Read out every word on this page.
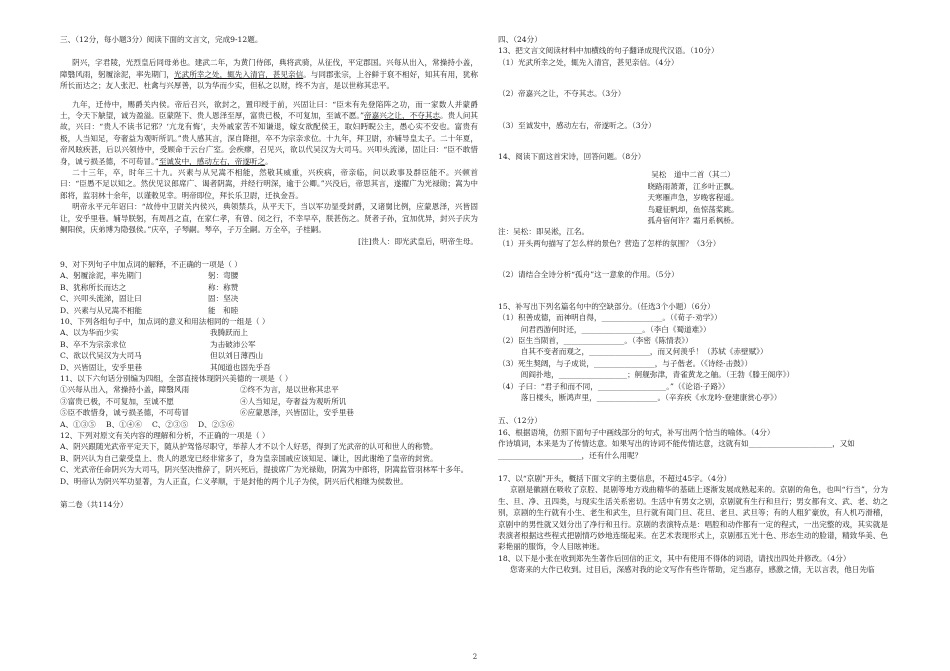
三、（12分，每小题3分）阅读下面的文言文，完成9-12题。

阴兴，字君陵，光烈皇后同母弟也。建武二年，为黄门侍郎，典将武骑，从征伐，平定郡国。兴每从出入，常操持小盖，障翳风雨，躬履涂泥，率先期门，光武所幸之处，辄先入清宫，甚见亲信。与同郡张宗，上谷鲜于裒不相好，知其有用，犹称所长而达之；友人张汜、杜禽与兴厚善，以为华而少实，但私之以财，终不为言，是以世称其忠平。

九年，迁侍中，赐爵关内侯。帝后召兴，欲封之，置印绶于前，兴固让曰：“臣未有先登陷阵之功，而一家数人并蒙爵土，令天下觖望，诚为盈溢。臣蒙陛下、贵人恩泽至厚，富贵已极，不可复加，至诚不愿。”帝嘉兴之让，不夺其志。贵人问其故，兴曰：“贵人不读书记邪？‘亢龙有悔’，夫外戚家苦不知谦退，嫁女欲配侯王，取妇眄睨公主，愚心实不安也。富贵有极，人当知足，夸奢益为观听所讥。”贵人感其言，深自降挹，卒不为宗亲求位。十九年，拜卫尉，亦辅导皇太子。二十年夏，帝风眩疾甚，后以兴领侍中，受顾命于云台广室。会疾瘳，召见兴，欲以代吴汉为大司马。兴叩头流涕，固让曰：“臣不敢惜身，诚亏损圣德，不可苟冒。”至诚发中，感动左右，帝遂听之。

二十三年，卒，时年三十九。兴素与从兄嵩不相能，然敬其威重，兴疾病，帝亲临，问以政事及群臣能不。兴顿首曰：“臣愚不足以知之。然伏见议郎席广、谒者阴嵩，并经行明深，逾于公卿。”兴没后，帝思其言，遂擢广为光禄勋；嵩为中郎将，监羽林十余年，以谨敕见幸。明帝即位，拜长乐卫尉，迁执金吾。

明帝永平元年诏曰：“故侍中卫尉关内侯兴，典领禁兵，从平天下，当以军功显受封爵，又诸舅比例，应蒙恩泽，兴皆固让，安乎里巷。辅导朕躬，有周昌之直，在家仁孝，有曾、闵之行，不幸早卒，朕甚伤之。贤者子孙，宜加优异，封兴子庆为鲖阳侯，庆弟博为隐强侯。”庆卒，子琴嗣。琴卒，子万全嗣。万全卒，子桂嗣。

[注]贵人：即光武皇后，明帝生母。

9、对下列句子中加点词的解释，不正确的一项是（ ）

A、躬履涂泥，率先期门	躬：弯腰
B、犹称所长而达之	称：称赞
C、兴叩头流涕，固让曰	固：坚决
D、兴素与从兄嵩不相能	能　和睦

10、下列各组句子中，加点词的意义和用法相同的一组是（ ）

A、以为华而少实	我腾跃而上
B、卒不为宗亲求位	为击破沛公军
C、欲以代吴汉为大司马	但以刘日薄西山
D、兴皆固让，安乎里巷	其闻道也固先乎吾

11、以下六句话分别编为四组，全部直接体现阴兴美德的一项是（ ）

①兴每从出入，常操持小盖，障翳风雨	②终不为言，是以世称其忠平
③富贵已极，不可复加，至诚不愿	④人当知足，夸奢益为观听所讥
⑤臣不敢惜身，诚亏损圣德，不可苟冒	⑥应蒙恩泽，兴皆固让，安乎里巷
A、①③⑤	B、①④⑥	C、②③⑤	D、②⑤⑥

12、下列对原文有关内容的理解和分析，不正确的一项是（ ）

A、阴兴跟随光武帝平定天下，随从护驾恪尽职守，举荐人才不以个人好恶，得到了光武帝的认可和世人的称赞。

B、阴兴认为自己蒙受皇上、贵人的恩宠已经非常多了，身为皇亲国戚应该知足、谦让，因此谢绝了皇帝的封赏。

C、光武帝任命阴兴为大司马，阴兴坚决推辞了，阴兴死后，提拔席广为光禄勋，阴嵩为中郎将，阴嵩监管羽林军十多年。

D、明帝认为阴兴军功显著，为人正直，仁义孝顺，于是封他的两个儿子为侯，阴兴后代相继为侯数世。

第二卷（共114分）

四、（24分）

13、把文言文阅读材料中加横线的句子翻译成现代汉语。（10分）

（1）光武所幸之处，辄先入清宫，甚见亲信。（4分）

（2）帝嘉兴之让，不夺其志。（3分）

（3）至诚发中，感动左右，帝遂听之。（3分）

14、阅读下面这首宋诗，回答问题。（8分）

吴松　道中二首（其二）

晓路雨萧萧，江乡叶正飘。

天寒雁声急，岁晚客程遥。

鸟避征帆却，鱼惊荡桨跳。

孤舟宿何许？霜月系枫桥。

注：吴松：即吴淞，江名。

（1）开头两句描写了怎么样的景色？营造了怎样的氛围？（3分）

（2）请结合全诗分析“孤舟”这一意象的作用。（5分）

15、补写出下列名篇名句中的空缺部分。（任选3个小题）（6分）

（1）积善成德，而神明自得， ________________ 。（《荀子·劝学》）
　　　问君西游何时还， ________________ 。（李白《蜀道难》）
（2）臣生当陨首， ________________ 。（李密《陈情表》）
　　　自其不变者而观之， ________________ ，而又何羡乎！（苏轼《赤壁赋》）
（3）死生契阔，与子成说， ________________ ，与子偕老。（《诗经·击鼓》）
　　　闾阎扑地， __________________ ；舸舰弥津，青雀黄龙之舳。（王勃《滕王阁序》）
（4）子曰：“君子和而不同， __________________ 。”（《论语·子路》）
　　　落日楼头，断鸿声里， ________________ 。（辛弃疾《水龙吟·登建康赏心亭》）

五、（12分）

16、根据语境，仿照下面句子中画线部分的句式，补写出两个恰当的喻体。（4分）

作诗填词，本来是为了传情达意。如果写出的诗词不能传情达意，这就有如______________________，又如______________________，还有什么用呢？

17、以“京剧”开头，概括下面文字的主要信息，不超过45字。（4分）

京剧是徽剧在吸收了京腔、昆剧等地方戏曲精华的基础上逐渐发展成熟起来的。京剧的角色，也叫“行当”，分为生、旦、净、丑四类，与现实生活关系密切。生活中有男女之别，京剧就有生行和旦行；男女都有文、武、老、幼之别，京剧的生行就有小生、老生和武生，旦行就有闺门旦、花旦、老旦、武旦等；有的人粗犷豪放，有人机巧滑稽，京剧中的男性就又划分出了净行和丑行。京剧的表演特点是：唱腔和动作都有一定的程式，一出完整的戏，其实就是表演者根据这些程式把剧情巧妙地连缀起来。在艺术表现形式上，京剧那五光十色、形态生动的脸谱，精致华美、色彩艳丽的服饰，令人目眩神迷。

18、以下是小张在收到郑先生著作后回信的正文，其中有使用不得体的词语，请找出四处并修改。（4分）

您寄来的大作已收到。过目后，深感对我的论文写作有些许帮助，定当惠存，感激之情，无以言表，他日先临

2
